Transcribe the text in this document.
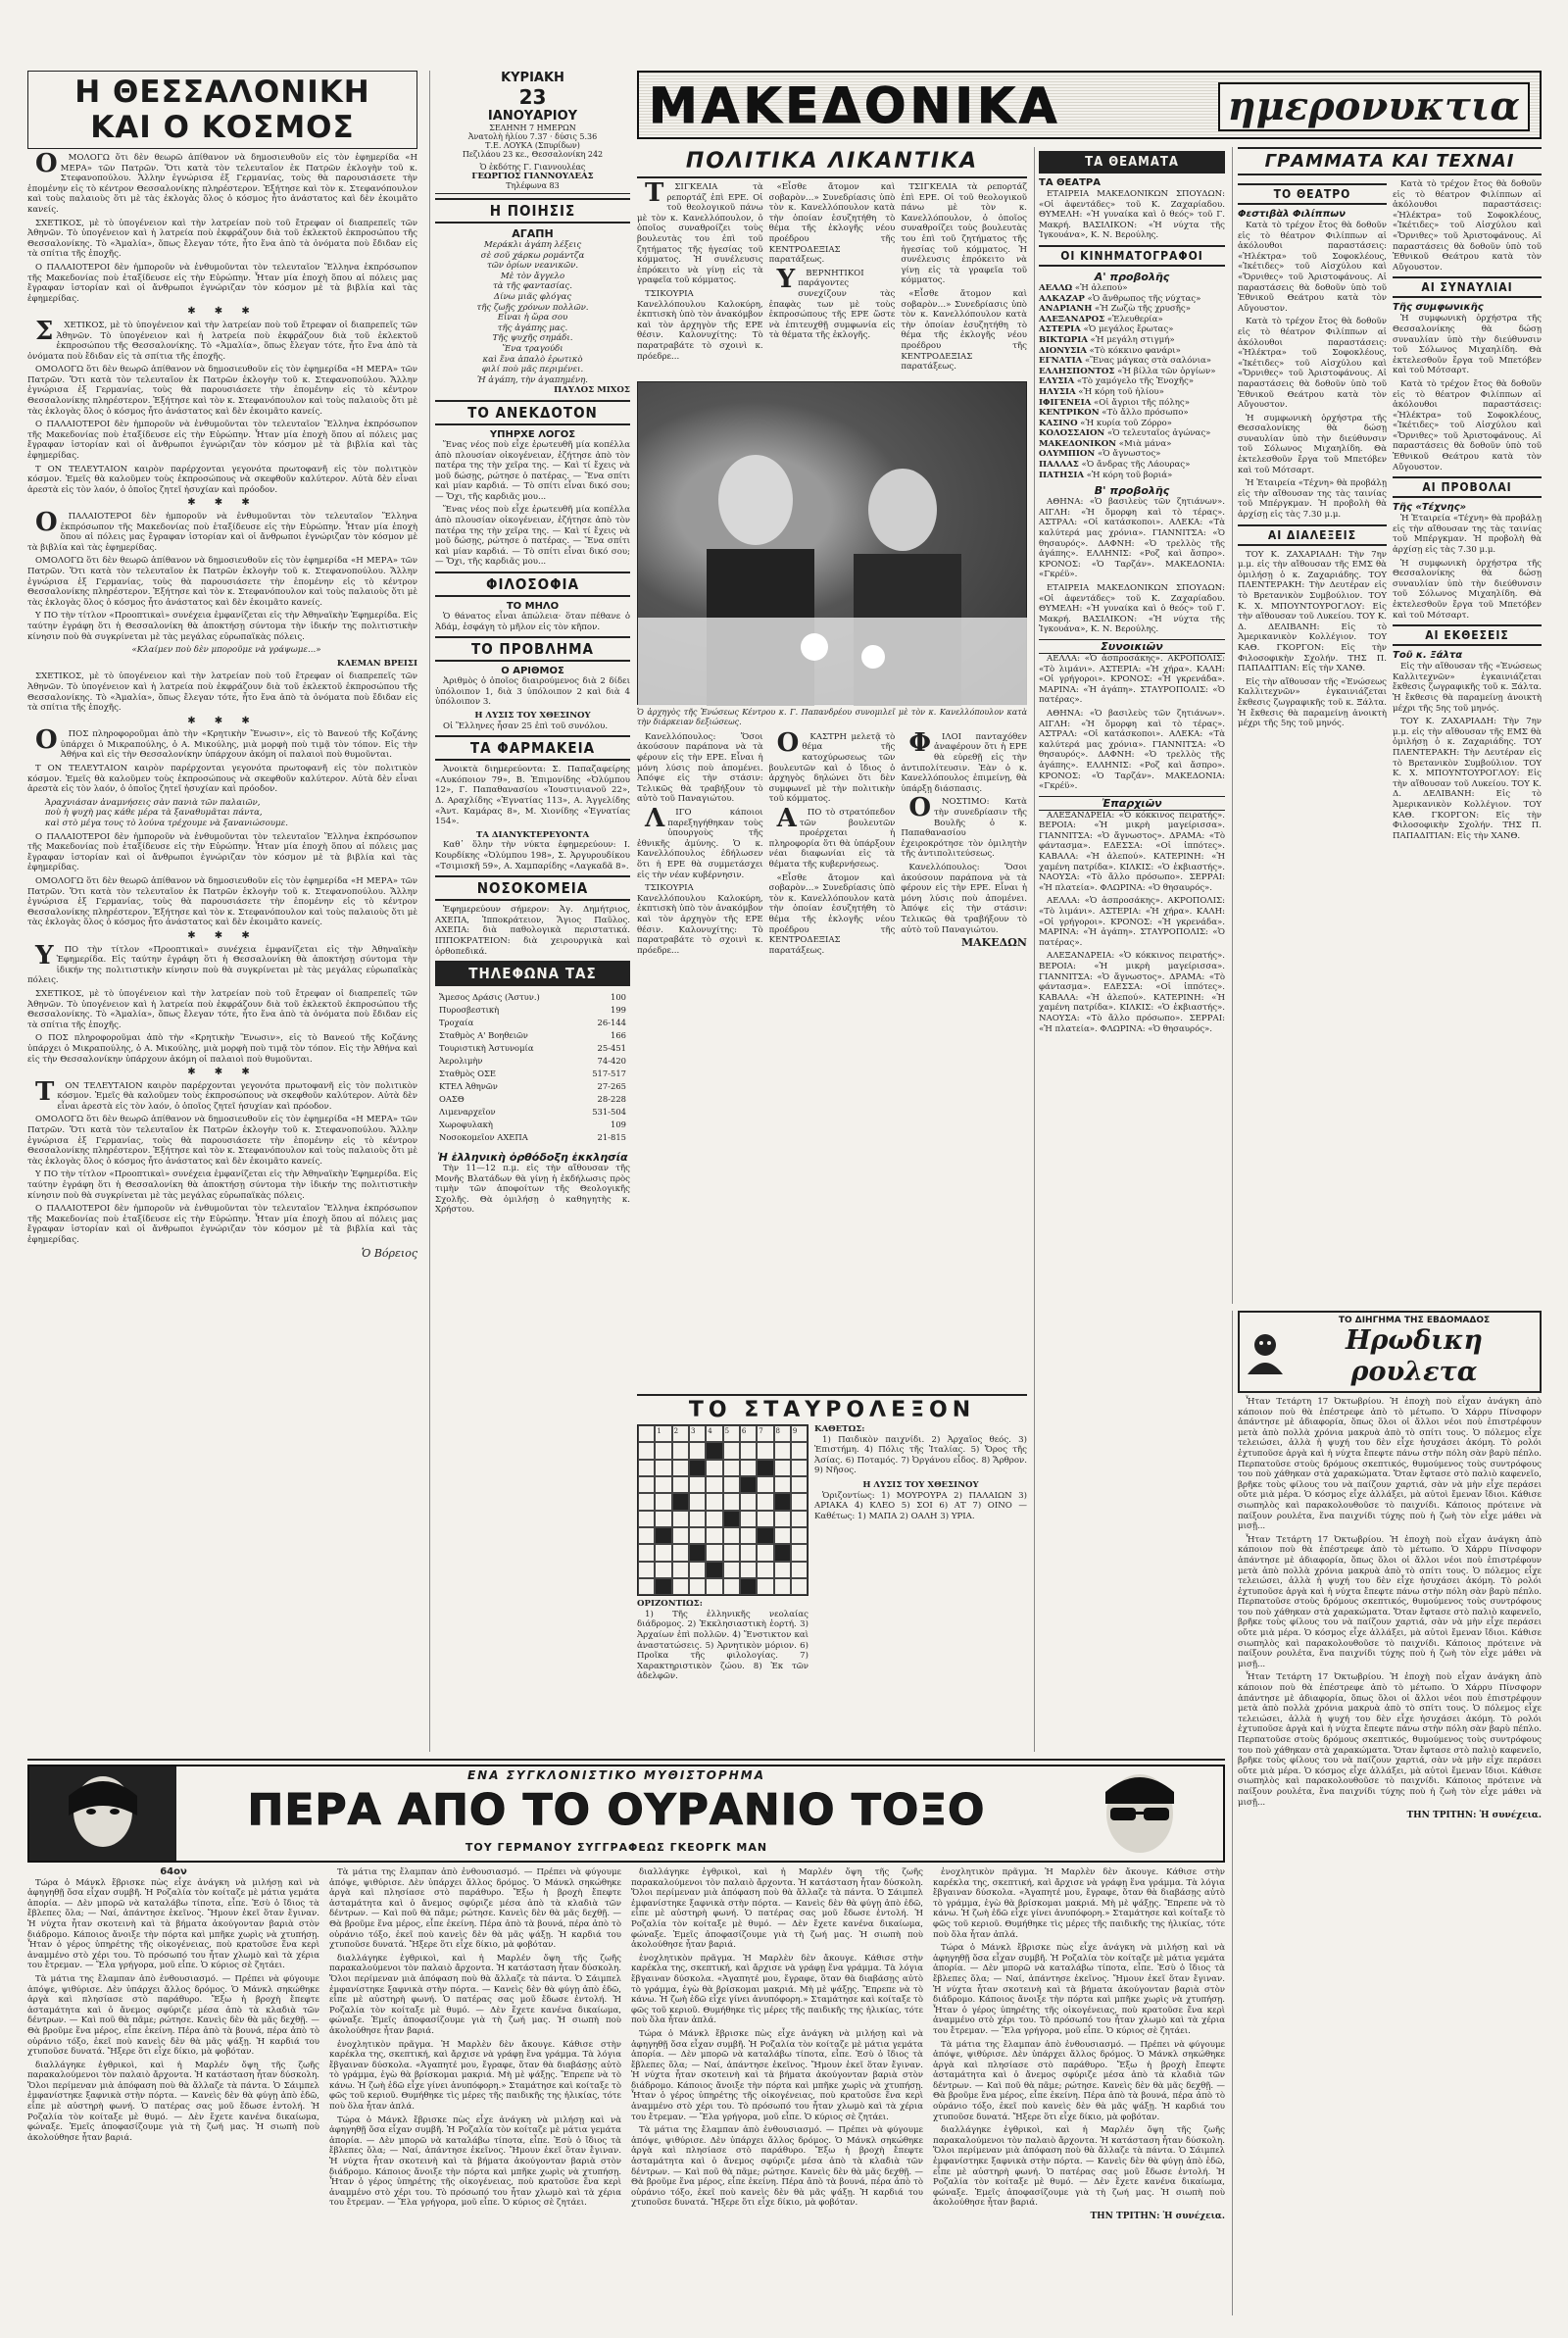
Η ΘΕΣΣΑΛΟΝΙΚΗ
ΚΑΙ Ο ΚΟΣΜΟΣ

ΟΜΟΛΟΓΩ ὅτι δὲν θεωρῶ ἀπίθανον νὰ δημοσιευθοῦν εἰς τὸν ἐφημερίδα «Η ΜΕΡΑ» τῶν Πατρῶν. Ὅτι κατὰ τὸν τελευταῖον ἐκ Πατρῶν ἐκλογὴν τοῦ κ. Στεφανοπούλου. Ἄλλην ἐγνώρισα ἐξ Γερμανίας, τοὺς θὰ παρουσιάσετε τὴν ἑπομένην εἰς τὸ κέντρον Θεσσαλονίκης πληρέστερον. Ἐξήτησε καὶ τὸν κ. Στεφανόπουλον καὶ τοὺς παλαιοὺς ὅτι μὲ τὰς ἐκλογὰς ὅλος ὁ κόσμος ἦτο ἀνάστατος καὶ δὲν ἐκοιμᾶτο κανείς.

ΣΧΕΤΙΚΟΣ, μὲ τὸ ὑπογένειον καὶ τὴν λατρείαν ποὺ τοῦ ἔτρεφαν οἱ διαπρεπεῖς τῶν Ἀθηνῶν. Τὸ ὑπογένειον καὶ ἡ λατρεία ποὺ ἐκφράζουν διὰ τοῦ ἐκλεκτοῦ ἐκπροσώπου τῆς Θεσσαλονίκης. Τὸ «Ἁμαλία», ὅπως ἔλεγαν τότε, ἦτο ἕνα ἀπὸ τὰ ὀνόματα ποὺ ἔδιδαν εἰς τὰ σπίτια τῆς ἐποχῆς.

Ο ΠΑΛΑΙΟΤΕΡΟΙ δὲν ἠμποροῦν νὰ ἐνθυμοῦνται τὸν τελευταῖον Ἕλληνα ἐκπρόσωπον τῆς Μακεδονίας ποὺ ἐταξίδευσε εἰς τὴν Εὐρώπην. Ἦταν μία ἐποχὴ ὅπου αἱ πόλεις μας ἔγραφαν ἱστορίαν καὶ οἱ ἄνθρωποι ἐγνώριζαν τὸν κόσμον μὲ τὰ βιβλία καὶ τὰς ἐφημερίδας.

✱ ✱ ✱

ΣΧΕΤΙΚΟΣ, μὲ τὸ ὑπογένειον καὶ τὴν λατρείαν ποὺ τοῦ ἔτρεφαν οἱ διαπρεπεῖς τῶν Ἀθηνῶν. Τὸ ὑπογένειον καὶ ἡ λατρεία ποὺ ἐκφράζουν διὰ τοῦ ἐκλεκτοῦ ἐκπροσώπου τῆς Θεσσαλονίκης. Τὸ «Ἁμαλία», ὅπως ἔλεγαν τότε, ἦτο ἕνα ἀπὸ τὰ ὀνόματα ποὺ ἔδιδαν εἰς τὰ σπίτια τῆς ἐποχῆς.

ΟΜΟΛΟΓΩ ὅτι δὲν θεωρῶ ἀπίθανον νὰ δημοσιευθοῦν εἰς τὸν ἐφημερίδα «Η ΜΕΡΑ» τῶν Πατρῶν. Ὅτι κατὰ τὸν τελευταῖον ἐκ Πατρῶν ἐκλογὴν τοῦ κ. Στεφανοπούλου. Ἄλλην ἐγνώρισα ἐξ Γερμανίας, τοὺς θὰ παρουσιάσετε τὴν ἑπομένην εἰς τὸ κέντρον Θεσσαλονίκης πληρέστερον. Ἐξήτησε καὶ τὸν κ. Στεφανόπουλον καὶ τοὺς παλαιοὺς ὅτι μὲ τὰς ἐκλογὰς ὅλος ὁ κόσμος ἦτο ἀνάστατος καὶ δὲν ἐκοιμᾶτο κανείς.

Ο ΠΑΛΑΙΟΤΕΡΟΙ δὲν ἠμποροῦν νὰ ἐνθυμοῦνται τὸν τελευταῖον Ἕλληνα ἐκπρόσωπον τῆς Μακεδονίας ποὺ ἐταξίδευσε εἰς τὴν Εὐρώπην. Ἦταν μία ἐποχὴ ὅπου αἱ πόλεις μας ἔγραφαν ἱστορίαν καὶ οἱ ἄνθρωποι ἐγνώριζαν τὸν κόσμον μὲ τὰ βιβλία καὶ τὰς ἐφημερίδας.

Τ ΟΝ ΤΕΛΕΥΤΑΙΟΝ καιρὸν παρέρχονται γεγονότα πρωτοφανῆ εἰς τὸν πολιτικὸν κόσμον. Ἐμεῖς θὰ καλοῦμεν τοὺς ἐκπροσώπους νὰ σκεφθοῦν καλύτερον. Αὐτὰ δὲν εἶναι ἀρεστὰ εἰς τὸν λαόν, ὁ ὁποῖος ζητεῖ ἡσυχίαν καὶ πρόοδον.

✱ ✱ ✱

ΟΠΑΛΑΙΟΤΕΡΟΙ δὲν ἠμποροῦν νὰ ἐνθυμοῦνται τὸν τελευταῖον Ἕλληνα ἐκπρόσωπον τῆς Μακεδονίας ποὺ ἐταξίδευσε εἰς τὴν Εὐρώπην. Ἦταν μία ἐποχὴ ὅπου αἱ πόλεις μας ἔγραφαν ἱστορίαν καὶ οἱ ἄνθρωποι ἐγνώριζαν τὸν κόσμον μὲ τὰ βιβλία καὶ τὰς ἐφημερίδας.

ΟΜΟΛΟΓΩ ὅτι δὲν θεωρῶ ἀπίθανον νὰ δημοσιευθοῦν εἰς τὸν ἐφημερίδα «Η ΜΕΡΑ» τῶν Πατρῶν. Ὅτι κατὰ τὸν τελευταῖον ἐκ Πατρῶν ἐκλογὴν τοῦ κ. Στεφανοπούλου. Ἄλλην ἐγνώρισα ἐξ Γερμανίας, τοὺς θὰ παρουσιάσετε τὴν ἑπομένην εἰς τὸ κέντρον Θεσσαλονίκης πληρέστερον. Ἐξήτησε καὶ τὸν κ. Στεφανόπουλον καὶ τοὺς παλαιοὺς ὅτι μὲ τὰς ἐκλογὰς ὅλος ὁ κόσμος ἦτο ἀνάστατος καὶ δὲν ἐκοιμᾶτο κανείς.

Υ ΠΟ τὴν τίτλον «Προοπτικαὶ» συνέχεια ἐμφανίζεται εἰς τὴν Ἀθηναϊκὴν Ἐφημερίδα. Εἰς ταύτην ἐγράφη ὅτι ἡ Θεσσαλονίκη θὰ ἀποκτήσῃ σύντομα τὴν ἰδικήν της πολιτιστικὴν κίνησιν ποὺ θὰ συγκρίνεται μὲ τὰς μεγάλας εὐρωπαϊκὰς πόλεις.

«Κλαίμεν ποὺ δὲν μποροῦμε νὰ γράψωμε...»

ΚΛΕΜΑΝ ΒΡΕΙΣΙ

ΣΧΕΤΙΚΟΣ, μὲ τὸ ὑπογένειον καὶ τὴν λατρείαν ποὺ τοῦ ἔτρεφαν οἱ διαπρεπεῖς τῶν Ἀθηνῶν. Τὸ ὑπογένειον καὶ ἡ λατρεία ποὺ ἐκφράζουν διὰ τοῦ ἐκλεκτοῦ ἐκπροσώπου τῆς Θεσσαλονίκης. Τὸ «Ἁμαλία», ὅπως ἔλεγαν τότε, ἦτο ἕνα ἀπὸ τὰ ὀνόματα ποὺ ἔδιδαν εἰς τὰ σπίτια τῆς ἐποχῆς.

✱ ✱ ✱

ΟΠΟΣ πληροφοροῦμαι ἀπὸ τὴν «Κρητικὴν Ἕνωσιν», εἰς τὸ Βανεού τῆς Κοζάνης ὑπάρχει ὁ Μικραπούλης, ὁ Α. Μικούλης, μιὰ μορφὴ ποὺ τιμᾷ τὸν τόπον. Εἰς τὴν Ἀθήνα καὶ εἰς τὴν Θεσσαλονίκην ὑπάρχουν ἀκόμη οἱ παλαιοὶ ποὺ θυμοῦνται.

Τ ΟΝ ΤΕΛΕΥΤΑΙΟΝ καιρὸν παρέρχονται γεγονότα πρωτοφανῆ εἰς τὸν πολιτικὸν κόσμον. Ἐμεῖς θὰ καλοῦμεν τοὺς ἐκπροσώπους νὰ σκεφθοῦν καλύτερον. Αὐτὰ δὲν εἶναι ἀρεστὰ εἰς τὸν λαόν, ὁ ὁποῖος ζητεῖ ἡσυχίαν καὶ πρόοδον.

Ἀραχνιάσαν ἀναμνήσεις σὰν πανιὰ τῶν παλαιῶν,
ποὺ ἡ ψυχὴ μας κάθε μέρα τὰ ξαναθυμᾶται πάντα,
καὶ στὸ μέγα τους τὸ λούνα τρέχουμε νὰ ξανανιώσουμε.

Ο ΠΑΛΑΙΟΤΕΡΟΙ δὲν ἠμποροῦν νὰ ἐνθυμοῦνται τὸν τελευταῖον Ἕλληνα ἐκπρόσωπον τῆς Μακεδονίας ποὺ ἐταξίδευσε εἰς τὴν Εὐρώπην. Ἦταν μία ἐποχὴ ὅπου αἱ πόλεις μας ἔγραφαν ἱστορίαν καὶ οἱ ἄνθρωποι ἐγνώριζαν τὸν κόσμον μὲ τὰ βιβλία καὶ τὰς ἐφημερίδας.

ΟΜΟΛΟΓΩ ὅτι δὲν θεωρῶ ἀπίθανον νὰ δημοσιευθοῦν εἰς τὸν ἐφημερίδα «Η ΜΕΡΑ» τῶν Πατρῶν. Ὅτι κατὰ τὸν τελευταῖον ἐκ Πατρῶν ἐκλογὴν τοῦ κ. Στεφανοπούλου. Ἄλλην ἐγνώρισα ἐξ Γερμανίας, τοὺς θὰ παρουσιάσετε τὴν ἑπομένην εἰς τὸ κέντρον Θεσσαλονίκης πληρέστερον. Ἐξήτησε καὶ τὸν κ. Στεφανόπουλον καὶ τοὺς παλαιοὺς ὅτι μὲ τὰς ἐκλογὰς ὅλος ὁ κόσμος ἦτο ἀνάστατος καὶ δὲν ἐκοιμᾶτο κανείς.

✱ ✱ ✱

ΥΠΟ τὴν τίτλον «Προοπτικαὶ» συνέχεια ἐμφανίζεται εἰς τὴν Ἀθηναϊκὴν Ἐφημερίδα. Εἰς ταύτην ἐγράφη ὅτι ἡ Θεσσαλονίκη θὰ ἀποκτήσῃ σύντομα τὴν ἰδικήν της πολιτιστικὴν κίνησιν ποὺ θὰ συγκρίνεται μὲ τὰς μεγάλας εὐρωπαϊκὰς πόλεις.

ΣΧΕΤΙΚΟΣ, μὲ τὸ ὑπογένειον καὶ τὴν λατρείαν ποὺ τοῦ ἔτρεφαν οἱ διαπρεπεῖς τῶν Ἀθηνῶν. Τὸ ὑπογένειον καὶ ἡ λατρεία ποὺ ἐκφράζουν διὰ τοῦ ἐκλεκτοῦ ἐκπροσώπου τῆς Θεσσαλονίκης. Τὸ «Ἁμαλία», ὅπως ἔλεγαν τότε, ἦτο ἕνα ἀπὸ τὰ ὀνόματα ποὺ ἔδιδαν εἰς τὰ σπίτια τῆς ἐποχῆς.

Ο ΠΟΣ πληροφοροῦμαι ἀπὸ τὴν «Κρητικὴν Ἕνωσιν», εἰς τὸ Βανεού τῆς Κοζάνης ὑπάρχει ὁ Μικραπούλης, ὁ Α. Μικούλης, μιὰ μορφὴ ποὺ τιμᾷ τὸν τόπον. Εἰς τὴν Ἀθήνα καὶ εἰς τὴν Θεσσαλονίκην ὑπάρχουν ἀκόμη οἱ παλαιοὶ ποὺ θυμοῦνται.

✱ ✱ ✱

ΤΟΝ ΤΕΛΕΥΤΑΙΟΝ καιρὸν παρέρχονται γεγονότα πρωτοφανῆ εἰς τὸν πολιτικὸν κόσμον. Ἐμεῖς θὰ καλοῦμεν τοὺς ἐκπροσώπους νὰ σκεφθοῦν καλύτερον. Αὐτὰ δὲν εἶναι ἀρεστὰ εἰς τὸν λαόν, ὁ ὁποῖος ζητεῖ ἡσυχίαν καὶ πρόοδον.

ΟΜΟΛΟΓΩ ὅτι δὲν θεωρῶ ἀπίθανον νὰ δημοσιευθοῦν εἰς τὸν ἐφημερίδα «Η ΜΕΡΑ» τῶν Πατρῶν. Ὅτι κατὰ τὸν τελευταῖον ἐκ Πατρῶν ἐκλογὴν τοῦ κ. Στεφανοπούλου. Ἄλλην ἐγνώρισα ἐξ Γερμανίας, τοὺς θὰ παρουσιάσετε τὴν ἑπομένην εἰς τὸ κέντρον Θεσσαλονίκης πληρέστερον. Ἐξήτησε καὶ τὸν κ. Στεφανόπουλον καὶ τοὺς παλαιοὺς ὅτι μὲ τὰς ἐκλογὰς ὅλος ὁ κόσμος ἦτο ἀνάστατος καὶ δὲν ἐκοιμᾶτο κανείς.

Υ ΠΟ τὴν τίτλον «Προοπτικαὶ» συνέχεια ἐμφανίζεται εἰς τὴν Ἀθηναϊκὴν Ἐφημερίδα. Εἰς ταύτην ἐγράφη ὅτι ἡ Θεσσαλονίκη θὰ ἀποκτήσῃ σύντομα τὴν ἰδικήν της πολιτιστικὴν κίνησιν ποὺ θὰ συγκρίνεται μὲ τὰς μεγάλας εὐρωπαϊκὰς πόλεις.

Ο ΠΑΛΑΙΟΤΕΡΟΙ δὲν ἠμποροῦν νὰ ἐνθυμοῦνται τὸν τελευταῖον Ἕλληνα ἐκπρόσωπον τῆς Μακεδονίας ποὺ ἐταξίδευσε εἰς τὴν Εὐρώπην. Ἦταν μία ἐποχὴ ὅπου αἱ πόλεις μας ἔγραφαν ἱστορίαν καὶ οἱ ἄνθρωποι ἐγνώριζαν τὸν κόσμον μὲ τὰ βιβλία καὶ τὰς ἐφημερίδας.

Ὁ Βόρειος
ΚΥΡΙΑΚΗ
23
ΙΑΝΟΥΑΡΙΟΥ
ΣΕΛΗΝΗ 7 ΗΜΕΡΩΝ
Ἀνατολὴ ἡλίου 7.37 · δύσις 5.36
Τ.Ε. ΛΟΥΚΑ (Σπυρίδων)
Πεζιλάου 23 κε., Θεσσαλονίκη 242
Ὁ ἐκδότης Γ. Γιαννουλέας
ΓΕΩΡΓΙΟΣ ΓΙΑΝΝΟΥΛΕΑΣ
Τηλέφωνα 83
Η ΠΟΙΗΣΙΣ
ΑΓΑΠΗ
Μεράκλι ἀγάπη λέξεις
σὲ σοῦ χάρκω ρομάντζα
τῶν ὀρίων νεανικῶν.
Μὲ τὸν ἄγγελο
τὰ τῆς φαντασίας.
Δίνω μιᾶς φλόγας
τῆς ζωῆς χρόνων πολλῶν.
Εἶναι ἡ ὥρα σου
τῆς ἀγάπης μας.
Τῆς ψυχῆς σημάδι.
Ἕνα τραγούδι
καὶ ἕνα ἁπαλὸ ἐρωτικὸ
φιλί ποὺ μᾶς περιμένει.
Ἡ ἀγάπη, τὴν ἀγαπημένη.
ΠΑΥΛΟΣ ΜΙΧΟΣ
ΤΟ ΑΝΕΚΔΟΤΟΝ
ΥΠΗΡΧΕ ΛΟΓΟΣ

Ἕνας νέος ποὺ εἶχε ἐρωτευθῆ μία κοπέλλα ἀπὸ πλουσίαν οἰκογένειαν, ἐζήτησε ἀπὸ τὸν πατέρα της τὴν χεῖρα της. — Καὶ τί ἔχεις νὰ μοῦ δώσῃς, ρώτησε ὁ πατέρας. — Ἕνα σπίτι καὶ μίαν καρδιά. — Τὸ σπίτι εἶναι δικό σου; — Ὄχι, τῆς καρδιᾶς μου...

Ἕνας νέος ποὺ εἶχε ἐρωτευθῆ μία κοπέλλα ἀπὸ πλουσίαν οἰκογένειαν, ἐζήτησε ἀπὸ τὸν πατέρα της τὴν χεῖρα της. — Καὶ τί ἔχεις νὰ μοῦ δώσῃς, ρώτησε ὁ πατέρας. — Ἕνα σπίτι καὶ μίαν καρδιά. — Τὸ σπίτι εἶναι δικό σου; — Ὄχι, τῆς καρδιᾶς μου...

ΦΙΛΟΣΟΦΙΑ
ΤΟ ΜΗΛΟ

Ὁ θάνατος εἶναι ἀπώλεια· ὅταν πέθανε ὁ Ἀδάμ, ἐσφάγη τὸ μῆλον εἰς τὸν κῆπον.

ΤΟ ΠΡΟΒΛΗΜΑ
Ο ΑΡΙΘΜΟΣ

Ἀριθμὸς ὁ ὁποῖος διαιρούμενος διὰ 2 δίδει ὑπόλοιπον 1, διὰ 3 ὑπόλοιπον 2 καὶ διὰ 4 ὑπόλοιπον 3.

Η ΛΥΣΙΣ ΤΟΥ ΧΘΕΣΙΝΟΥ

Οἱ Ἕλληνες ἦσαν 25 ἐπὶ τοῦ συνόλου.

ΤΑ ΦΑΡΜΑΚΕΙΑ

Ἀνοικτὰ διημερεύοντα: Σ. Παπαζαφείρης «Λυκόποιον 79», Β. Ἐπιμονίδης «Ὀλύμπου 12», Γ. Παπαθανασίου «Ἰουστινιανοῦ 22», Δ. Αραχλίδης «Ἐγνατίας 113», Α. Ἀγγελίδης «Ἀντ. Καμάρας 8», Μ. Χιονίδης «Ἐγνατίας 154».

ΤΑ ΔΙΑΝΥΚΤΕΡΕΥΟΝΤΑ

Καθ᾽ ὅλην τὴν νύκτα ἐφημερεύουν: Ι. Κουρδίκης «Ὀλύμπου 198», Σ. Ἀργυρουδίκου «Τσιμισκῆ 59», Α. Χαμπαρίδης «Λαγκαδᾶ 8».

ΝΟΣΟΚΟΜΕΙΑ

Ἐφημερεύουν σήμερον: Ἀγ. Δημήτριος, ΑΧΕΠΑ, Ἱπποκράτειον, Ἅγιος Παῦλος. ΑΧΕΠΑ: διὰ παθολογικὰ περιστατικά. ΙΠΠΟΚΡΑΤΕΙΟΝ: διὰ χειρουργικὰ καὶ ὀρθοπεδικά.

ΤΗΛΕΦΩΝΑ ΤΑΣ
Ἄμεσος Δράσις (Ἀστυν.)	100
Πυροσβεστικὴ	199
Τροχαία	26-144
Σταθμὸς Α' Βοηθειῶν	166
Τουριστικὴ Ἀστυνομία	25-451
Ἀερολιμὴν	74-420
Σταθμὸς ΟΣΕ	517-517
ΚΤΕΛ Ἀθηνῶν	27-265
ΟΑΣΘ	28-228
Λιμεναρχεῖον	531-504
Χωροφυλακὴ	109
Νοσοκομεῖον ΑΧΕΠΑ	21-815
Ἡ ἑλληνικὴ ὀρθόδοξη ἐκκλησία

Τὴν 11—12 π.μ. εἰς τὴν αἴθουσαν τῆς Μονῆς Βλατάδων θὰ γίνῃ ἡ ἐκδήλωσις πρὸς τιμὴν τῶν ἀποφοίτων τῆς Θεολογικῆς Σχολῆς. Θὰ ὁμιλήσῃ ὁ καθηγητὴς κ. Χρήστου.

ΜΑΚΕΔΟΝΙΚΑ	ημερονυκτια
ΠΟΛΙΤΙΚΑ ΛΙΚΑΝΤΙΚΑ

ΤΣΙΓΚΕΛΙΑ τὰ ρεπορτάζ ἐπὶ ΕΡΕ. Οἱ τοῦ θεολογικοῦ πάνω μὲ τὸν κ. Κανελλόπουλον, ὁ ὁποῖος συναθροίζει τοὺς βουλευτὰς του ἐπὶ τοῦ ζητήματος τῆς ἡγεσίας τοῦ κόμματος. Ἡ συνέλευσις ἐπρόκειτο νὰ γίνῃ εἰς τὰ γραφεῖα τοῦ κόμματος.

ΤΣΙΚΟΥΡΙΑ Κανελλόπουλου Καλοκύρη, ἐκπτισκὴ ὑπὸ τὸν ἀνακόμβον καὶ τὸν ἀρχηγὸν τῆς ΕΡΕ θέσιν. Καλονυχίτης: Τὸ παρατραβάτε τὸ σχοινὶ κ. πρόεδρε...

«Εἶσθε ἄτομον καὶ σοβαρὸν…» Συνεδρίασις ὑπὸ τὸν κ. Κανελλόπουλον κατὰ τὴν ὁποίαν ἐσυζητήθη τὸ θέμα τῆς ἐκλογῆς νέου προέδρου τῆς ΚΕΝΤΡΟΔΕΞΙΑΣ παρατάξεως.

ΥΒΕΡΝΗΤΙΚΟΙ παράγοντες συνεχίζουν τὰς ἐπαφὰς των μὲ τοὺς ἐκπροσώπους τῆς ΕΡΕ ὥστε νὰ ἐπιτευχθῇ συμφωνία εἰς τὰ θέματα τῆς ἐκλογῆς.

ΤΣΙΓΚΕΛΙΑ τὰ ρεπορτάζ ἐπὶ ΕΡΕ. Οἱ τοῦ θεολογικοῦ πάνω μὲ τὸν κ. Κανελλόπουλον, ὁ ὁποῖος συναθροίζει τοὺς βουλευτὰς του ἐπὶ τοῦ ζητήματος τῆς ἡγεσίας τοῦ κόμματος. Ἡ συνέλευσις ἐπρόκειτο νὰ γίνῃ εἰς τὰ γραφεῖα τοῦ κόμματος.

«Εἶσθε ἄτομον καὶ σοβαρὸν…» Συνεδρίασις ὑπὸ τὸν κ. Κανελλόπουλον κατὰ τὴν ὁποίαν ἐσυζητήθη τὸ θέμα τῆς ἐκλογῆς νέου προέδρου τῆς ΚΕΝΤΡΟΔΕΞΙΑΣ παρατάξεως.

Ὁ ἀρχηγὸς τῆς Ἑνώσεως Κέντρου κ. Γ. Παπανδρέου συνομιλεῖ μὲ τὸν κ. Κανελλόπουλον κατὰ τὴν διάρκειαν δεξιώσεως.

Κανελλόπουλος: Ὅσοι ἀκούσουν παράπονα νὰ τὰ φέρουν εἰς τὴν ΕΡΕ. Εἶναι ἡ μόνη λύσις ποὺ ἀπομένει. Ἀπόψε εἰς τὴν στάσιν: Τελικῶς θὰ τραβήξουν τὸ αὐτὸ τοῦ Παναγιώτου.

ΛΙΓΟ κάποιοι παρεξηγήθηκαν τοὺς ὑπουργοὺς τῆς ἐθνικῆς ἀμύνης. Ὁ κ. Κανελλόπουλος ἐδήλωσεν ὅτι ἡ ΕΡΕ θὰ συμμετάσχει εἰς τὴν νέαν κυβέρνησιν.

ΤΣΙΚΟΥΡΙΑ Κανελλόπουλου Καλοκύρη, ἐκπτισκὴ ὑπὸ τὸν ἀνακόμβον καὶ τὸν ἀρχηγὸν τῆς ΕΡΕ θέσιν. Καλονυχίτης: Τὸ παρατραβάτε τὸ σχοινὶ κ. πρόεδρε...

ΟΚΑΣΤΡΗ μελετᾷ τὸ θέμα τῆς κατοχύρωσεως τῶν βουλευτῶν καὶ ὁ ἴδιος ὁ ἀρχηγὸς δηλώνει ὅτι δὲν συμφωνεῖ μὲ τὴν πολιτικὴν τοῦ κόμματος.

ΑΠΟ τὸ στρατόπεδον τῶν βουλευτῶν προέρχεται ἡ πληροφορία ὅτι θὰ ὑπάρξουν νέαι διαφωνίαι εἰς τὰ θέματα τῆς κυβερνήσεως.

«Εἶσθε ἄτομον καὶ σοβαρὸν…» Συνεδρίασις ὑπὸ τὸν κ. Κανελλόπουλον κατὰ τὴν ὁποίαν ἐσυζητήθη τὸ θέμα τῆς ἐκλογῆς νέου προέδρου τῆς ΚΕΝΤΡΟΔΕΞΙΑΣ παρατάξεως.

ΦΙΛΟΙ πανταχόθεν ἀναφέρουν ὅτι ἡ ΕΡΕ θὰ εὑρεθῇ εἰς τὴν ἀντιπολίτευσιν. Ἐὰν ὁ κ. Κανελλόπουλος ἐπιμείνῃ, θὰ ὑπάρξῃ διάσπασις.

ΟΝΟΣΤΙΜΟ: Κατὰ τὴν συνεδρίασιν τῆς Βουλῆς ὁ κ. Παπαθανασίου ἐχειροκρότησε τὸν ὁμιλητὴν τῆς ἀντιπολιτεύσεως.

Κανελλόπουλος: Ὅσοι ἀκούσουν παράπονα νὰ τὰ φέρουν εἰς τὴν ΕΡΕ. Εἶναι ἡ μόνη λύσις ποὺ ἀπομένει. Ἀπόψε εἰς τὴν στάσιν: Τελικῶς θὰ τραβήξουν τὸ αὐτὸ τοῦ Παναγιώτου.

ΜΑΚΕΔΩΝ
ΤΟ ΣΤΑΥΡΟΛΕΞΟΝ
1	2	3	4	5	6	7	8	9
ΟΡΙΖΟΝΤΙΩΣ:

1) Τῆς ἑλληνικῆς νεολαίας διάδρομος. 2) Ἐκκλησιαστικὴ ἑορτή. 3) Ἀρχαίων ἐπὶ πολλῶν. 4) Ἔνστικτον καὶ ἀναστατώσεις. 5) Ἀρνητικὸν μόριον. 6) Προῖκα τῆς φιλολογίας. 7) Χαρακτηριστικὸν ζώου. 8) Ἐκ τῶν ἀδελφῶν.

ΚΑΘΕΤΩΣ:

1) Παιδικὸν παιχνίδι. 2) Ἀρχαῖος θεός. 3) Ἐπιστήμη. 4) Πόλις τῆς Ἰταλίας. 5) Ὄρος τῆς Ἀσίας. 6) Ποταμός. 7) Ὀργάνου εἶδος. 8) Ἄρθρον. 9) Νῆσος.

Η ΛΥΣΙΣ ΤΟΥ ΧΘΕΣΙΝΟΥ

Ὁριζοντίως: 1) ΜΟΥΡΟΥΡΑ 2) ΠΑΛΑΙΩΝ 3) ΑΡΙΑΚΑ 4) ΚΛΕΟ 5) ΣΟΙ 6) ΑΤ 7) ΟΙΝΟ — Καθέτως: 1) ΜΑΠΑ 2) ΟΑΛΗ 3) ΥΡΙΑ.

ΤΑ ΘΕΑΜΑΤΑ
ΤΑ ΘΕΑΤΡΑ

ΕΤΑΙΡΕΙΑ ΜΑΚΕΔΟΝΙΚΩΝ ΣΠΟΥΔΩΝ: «Οἱ ἀφεντάδες» τοῦ Κ. Ζαχαρίαδου. ΘΥΜΕΛΗ: «Ἡ γυναίκα καὶ ὁ θεός» τοῦ Γ. Μακρή. ΒΑΣΙΛΙΚΟΝ: «Ἡ νύχτα τῆς Ἰγκουάνα», Κ. Ν. Βερούλης.

ΟΙ ΚΙΝΗΜΑΤΟΓΡΑΦΟΙ
Α' προβολῆς
ΑΕΛΛΩ «Ἡ ἀλεπού»
ΑΛΚΑΖΑΡ «Ὁ ἄνθρωπος τῆς νύχτας»
ΑΝΔΡΙΑΝΗ «Ἡ Ζωζὼ τῆς χρυσῆς»
ΑΛΕΞΑΝΔΡΟΣ «Ἐλευθερία»
ΑΣΤΕΡΙΑ «Ὁ μεγάλος ἔρωτας»
ΒΙΚΤΩΡΙΑ «Ἡ μεγάλη στιγμή»
ΔΙΟΝΥΣΙΑ «Τὸ κόκκινο φανάρι»
ΕΓΝΑΤΙΑ «Ἕνας μάγκας στὰ σαλόνια»
ΕΛΛΗΣΠΟΝΤΟΣ «Ἡ βίλλα τῶν ὀργίων»
ΕΛΥΣΙΑ «Τὸ χαμόγελο τῆς Ἐνοχῆς»
ΗΛΥΣΙΑ «Ἡ κόρη τοῦ ἡλίου»
ΙΦΙΓΕΝΕΙΑ «Οἱ ἄγριοι τῆς πόλης»
ΚΕΝΤΡΙΚΟΝ «Τὸ ἄλλο πρόσωπο»
ΚΑΣΙΝΟ «Ἡ κυρία τοῦ Ζόρρο»
ΚΟΛΟΣΣΑΙΟΝ «Ὁ τελευταῖος ἀγώνας»
ΜΑΚΕΔΟΝΙΚΟΝ «Μιὰ μάνα»
ΟΛΥΜΠΙΟΝ «Ὁ ἄγνωστος»
ΠΑΛΛΑΣ «Ὁ ἄνδρας τῆς Λάουρας»
ΠΑΤΗΣΙΑ «Ἡ κόρη τοῦ βοριά»
Β' προβολῆς

ΑΘΗΝΑ: «Ὁ βασιλεὺς τῶν ζητιάνων». ΑΙΓΛΗ: «Ἡ ὄμορφη καὶ τὸ τέρας». ΑΣΤΡΑΛ: «Οἱ κατάσκοποι». ΑΛΕΚΑ: «Τὰ καλύτερά μας χρόνια». ΓΙΑΝΝΙΤΣΑ: «Ὁ θησαυρός». ΔΑΦΝΗ: «Ὁ τρελλὸς τῆς ἀγάπης». ΕΛΛΗΝΙΣ: «Ροζ καὶ ἄσπρο». ΚΡΟΝΟΣ: «Ὁ Ταρζάν». ΜΑΚΕΔΟΝΙΑ: «Γκρέϋ».

ΕΤΑΙΡΕΙΑ ΜΑΚΕΔΟΝΙΚΩΝ ΣΠΟΥΔΩΝ: «Οἱ ἀφεντάδες» τοῦ Κ. Ζαχαρίαδου. ΘΥΜΕΛΗ: «Ἡ γυναίκα καὶ ὁ θεός» τοῦ Γ. Μακρή. ΒΑΣΙΛΙΚΟΝ: «Ἡ νύχτα τῆς Ἰγκουάνα», Κ. Ν. Βερούλης.

Συνοικιῶν

ΑΕΛΛΑ: «Ὁ ἀσπροσάκης». ΑΚΡΟΠΟΛΙΣ: «Τὸ λιμάνι». ΑΣΤΕΡΙΑ: «Ἡ χήρα». ΚΑΛΗ: «Οἱ γρήγοροι». ΚΡΟΝΟΣ: «Ἡ γκρενάδα». ΜΑΡΙΝΑ: «Ἡ ἀγάπη». ΣΤΑΥΡΟΠΟΛΙΣ: «Ὁ πατέρας».

ΑΘΗΝΑ: «Ὁ βασιλεὺς τῶν ζητιάνων». ΑΙΓΛΗ: «Ἡ ὄμορφη καὶ τὸ τέρας». ΑΣΤΡΑΛ: «Οἱ κατάσκοποι». ΑΛΕΚΑ: «Τὰ καλύτερά μας χρόνια». ΓΙΑΝΝΙΤΣΑ: «Ὁ θησαυρός». ΔΑΦΝΗ: «Ὁ τρελλὸς τῆς ἀγάπης». ΕΛΛΗΝΙΣ: «Ροζ καὶ ἄσπρο». ΚΡΟΝΟΣ: «Ὁ Ταρζάν». ΜΑΚΕΔΟΝΙΑ: «Γκρέϋ».

Ἐπαρχιῶν

ΑΛΕΞΑΝΔΡΕΙΑ: «Ὁ κόκκινος πειρατής». ΒΕΡΟΙΑ: «Ἡ μικρὴ μαγείρισσα». ΓΙΑΝΝΙΤΣΑ: «Ὁ ἄγνωστος». ΔΡΑΜΑ: «Τὸ φάντασμα». ΕΔΕΣΣΑ: «Οἱ ἱππότες». ΚΑΒΑΛΑ: «Ἡ ἀλεπού». ΚΑΤΕΡΙΝΗ: «Ἡ χαμένη πατρίδα». ΚΙΛΚΙΣ: «Ὁ ἐκβιαστής». ΝΑΟΥΣΑ: «Τὸ ἄλλο πρόσωπο». ΣΕΡΡΑΙ: «Ἡ πλατεία». ΦΛΩΡΙΝΑ: «Ὁ θησαυρός».

ΑΕΛΛΑ: «Ὁ ἀσπροσάκης». ΑΚΡΟΠΟΛΙΣ: «Τὸ λιμάνι». ΑΣΤΕΡΙΑ: «Ἡ χήρα». ΚΑΛΗ: «Οἱ γρήγοροι». ΚΡΟΝΟΣ: «Ἡ γκρενάδα». ΜΑΡΙΝΑ: «Ἡ ἀγάπη». ΣΤΑΥΡΟΠΟΛΙΣ: «Ὁ πατέρας».

ΑΛΕΞΑΝΔΡΕΙΑ: «Ὁ κόκκινος πειρατής». ΒΕΡΟΙΑ: «Ἡ μικρὴ μαγείρισσα». ΓΙΑΝΝΙΤΣΑ: «Ὁ ἄγνωστος». ΔΡΑΜΑ: «Τὸ φάντασμα». ΕΔΕΣΣΑ: «Οἱ ἱππότες». ΚΑΒΑΛΑ: «Ἡ ἀλεπού». ΚΑΤΕΡΙΝΗ: «Ἡ χαμένη πατρίδα». ΚΙΛΚΙΣ: «Ὁ ἐκβιαστής». ΝΑΟΥΣΑ: «Τὸ ἄλλο πρόσωπο». ΣΕΡΡΑΙ: «Ἡ πλατεία». ΦΛΩΡΙΝΑ: «Ὁ θησαυρός».

ΓΡΑΜΜΑΤΑ ΚΑΙ ΤΕΧΝΑΙ
ΤΟ ΘΕΑΤΡΟ
Φεστιβὰλ Φιλίππων

Κατὰ τὸ τρέχον ἔτος θὰ δοθοῦν εἰς τὸ θέατρον Φιλίππων αἱ ἀκόλουθοι παραστάσεις: «Ἡλέκτρα» τοῦ Σοφοκλέους, «Ἱκέτιδες» τοῦ Αἰσχύλου καὶ «Ὄρνιθες» τοῦ Ἀριστοφάνους. Αἱ παραστάσεις θὰ δοθοῦν ὑπὸ τοῦ Ἐθνικοῦ Θεάτρου κατὰ τὸν Αὔγουστον.

Κατὰ τὸ τρέχον ἔτος θὰ δοθοῦν εἰς τὸ θέατρον Φιλίππων αἱ ἀκόλουθοι παραστάσεις: «Ἡλέκτρα» τοῦ Σοφοκλέους, «Ἱκέτιδες» τοῦ Αἰσχύλου καὶ «Ὄρνιθες» τοῦ Ἀριστοφάνους. Αἱ παραστάσεις θὰ δοθοῦν ὑπὸ τοῦ Ἐθνικοῦ Θεάτρου κατὰ τὸν Αὔγουστον.

Ἡ συμφωνικὴ ὀρχήστρα τῆς Θεσσαλονίκης θὰ δώσῃ συναυλίαν ὑπὸ τὴν διεύθυνσιν τοῦ Σόλωνος Μιχαηλίδη. Θὰ ἐκτελεσθοῦν ἔργα τοῦ Μπετόβεν καὶ τοῦ Μότσαρτ.

Ἡ Ἑταιρεία «Τέχνη» θὰ προβάλῃ εἰς τὴν αἴθουσαν της τὰς ταινίας τοῦ Μπέργκμαν. Ἡ προβολὴ θὰ ἀρχίσῃ εἰς τὰς 7.30 μ.μ.

ΑΙ ΔΙΑΛΕΞΕΙΣ

ΤΟΥ Κ. ΖΑΧΑΡΙΑΔΗ: Τὴν 7ην μ.μ. εἰς τὴν αἴθουσαν τῆς ΕΜΣ θὰ ὁμιλήσῃ ὁ κ. Ζαχαριάδης. ΤΟΥ ΠΛΕΝΤΕΡΑΚΗ: Τὴν Δευτέραν εἰς τὸ Βρετανικὸν Συμβούλιον. ΤΟΥ Κ. Χ. ΜΠΟΥΝΤΟΥΡΟΓΛΟΥ: Εἰς τὴν αἴθουσαν τοῦ Λυκείου. ΤΟΥ Κ. Δ. ΔΕΛΙΒΑΝΗ: Εἰς τὸ Ἀμερικανικὸν Κολλέγιον. ΤΟΥ ΚΑΘ. ΓΚΟΡΓΟΝ: Εἰς τὴν Φιλοσοφικὴν Σχολήν. ΤΗΣ Π. ΠΑΠΑΔΙΤΙΑΝ: Εἰς τὴν ΧΑΝΘ.

Εἰς τὴν αἴθουσαν τῆς «Ἑνώσεως Καλλιτεχνῶν» ἐγκαινιάζεται ἔκθεσις ζωγραφικῆς τοῦ κ. Ξάλτα. Ἡ ἔκθεσις θὰ παραμείνῃ ἀνοικτὴ μέχρι τῆς 5ης τοῦ μηνός.

Κατὰ τὸ τρέχον ἔτος θὰ δοθοῦν εἰς τὸ θέατρον Φιλίππων αἱ ἀκόλουθοι παραστάσεις: «Ἡλέκτρα» τοῦ Σοφοκλέους, «Ἱκέτιδες» τοῦ Αἰσχύλου καὶ «Ὄρνιθες» τοῦ Ἀριστοφάνους. Αἱ παραστάσεις θὰ δοθοῦν ὑπὸ τοῦ Ἐθνικοῦ Θεάτρου κατὰ τὸν Αὔγουστον.

ΑΙ ΣΥΝΑΥΛΙΑΙ
Τῆς συμφωνικῆς

Ἡ συμφωνικὴ ὀρχήστρα τῆς Θεσσαλονίκης θὰ δώσῃ συναυλίαν ὑπὸ τὴν διεύθυνσιν τοῦ Σόλωνος Μιχαηλίδη. Θὰ ἐκτελεσθοῦν ἔργα τοῦ Μπετόβεν καὶ τοῦ Μότσαρτ.

Κατὰ τὸ τρέχον ἔτος θὰ δοθοῦν εἰς τὸ θέατρον Φιλίππων αἱ ἀκόλουθοι παραστάσεις: «Ἡλέκτρα» τοῦ Σοφοκλέους, «Ἱκέτιδες» τοῦ Αἰσχύλου καὶ «Ὄρνιθες» τοῦ Ἀριστοφάνους. Αἱ παραστάσεις θὰ δοθοῦν ὑπὸ τοῦ Ἐθνικοῦ Θεάτρου κατὰ τὸν Αὔγουστον.

ΑΙ ΠΡΟΒΟΛΑΙ
Τῆς «Τέχνης»

Ἡ Ἑταιρεία «Τέχνη» θὰ προβάλῃ εἰς τὴν αἴθουσαν της τὰς ταινίας τοῦ Μπέργκμαν. Ἡ προβολὴ θὰ ἀρχίσῃ εἰς τὰς 7.30 μ.μ.

Ἡ συμφωνικὴ ὀρχήστρα τῆς Θεσσαλονίκης θὰ δώσῃ συναυλίαν ὑπὸ τὴν διεύθυνσιν τοῦ Σόλωνος Μιχαηλίδη. Θὰ ἐκτελεσθοῦν ἔργα τοῦ Μπετόβεν καὶ τοῦ Μότσαρτ.

ΑΙ ΕΚΘΕΣΕΙΣ
Τοῦ κ. Ξάλτα

Εἰς τὴν αἴθουσαν τῆς «Ἑνώσεως Καλλιτεχνῶν» ἐγκαινιάζεται ἔκθεσις ζωγραφικῆς τοῦ κ. Ξάλτα. Ἡ ἔκθεσις θὰ παραμείνῃ ἀνοικτὴ μέχρι τῆς 5ης τοῦ μηνός.

ΤΟΥ Κ. ΖΑΧΑΡΙΑΔΗ: Τὴν 7ην μ.μ. εἰς τὴν αἴθουσαν τῆς ΕΜΣ θὰ ὁμιλήσῃ ὁ κ. Ζαχαριάδης. ΤΟΥ ΠΛΕΝΤΕΡΑΚΗ: Τὴν Δευτέραν εἰς τὸ Βρετανικὸν Συμβούλιον. ΤΟΥ Κ. Χ. ΜΠΟΥΝΤΟΥΡΟΓΛΟΥ: Εἰς τὴν αἴθουσαν τοῦ Λυκείου. ΤΟΥ Κ. Δ. ΔΕΛΙΒΑΝΗ: Εἰς τὸ Ἀμερικανικὸν Κολλέγιον. ΤΟΥ ΚΑΘ. ΓΚΟΡΓΟΝ: Εἰς τὴν Φιλοσοφικὴν Σχολήν. ΤΗΣ Π. ΠΑΠΑΔΙΤΙΑΝ: Εἰς τὴν ΧΑΝΘ.

ΤΟ ΔΙΗΓΗΜΑ ΤΗΣ ΕΒΔΟΜΑΔΟΣ
Ηρωδικη ρουλετα

Ἦταν Τετάρτη 17 Ὀκτωβρίου. Ἡ ἐποχὴ ποὺ εἶχαν ἀνάγκη ἀπὸ κάποιον ποὺ θὰ ἐπέστρεφε ἀπὸ τὸ μέτωπο. Ὁ Χάρρυ Πίνσφορν ἀπάντησε μὲ ἀδιαφορία, ὅπως ὅλοι οἱ ἄλλοι νέοι ποὺ ἐπιστρέφουν μετὰ ἀπὸ πολλὰ χρόνια μακρυὰ ἀπὸ τὸ σπίτι τους. Ὁ πόλεμος εἶχε τελειώσει, ἀλλὰ ἡ ψυχή του δὲν εἶχε ἡσυχάσει ἀκόμη. Τὸ ρολόι ἐχτυποῦσε ἀργὰ καὶ ἡ νύχτα ἔπεφτε πάνω στὴν πόλη σὰν βαρὺ πέπλο. Περπατοῦσε στοὺς δρόμους σκεπτικός, θυμούμενος τοὺς συντρόφους του ποὺ χάθηκαν στὰ χαρακώματα. Ὅταν ἔφτασε στὸ παλιὸ καφενεῖο, βρῆκε τοὺς φίλους του νὰ παίζουν χαρτιά, σὰν νὰ μὴν εἶχε περάσει οὔτε μιὰ μέρα. Ὁ κόσμος εἶχε ἀλλάξει, μὰ αὐτοὶ ἔμεναν ἴδιοι. Κάθισε σιωπηλὸς καὶ παρακολουθοῦσε τὸ παιχνίδι. Κάποιος πρότεινε νὰ παίξουν ρουλέτα, ἕνα παιχνίδι τύχης ποὺ ἡ ζωὴ τὸν εἶχε μάθει νὰ μισῇ...

Ἦταν Τετάρτη 17 Ὀκτωβρίου. Ἡ ἐποχὴ ποὺ εἶχαν ἀνάγκη ἀπὸ κάποιον ποὺ θὰ ἐπέστρεφε ἀπὸ τὸ μέτωπο. Ὁ Χάρρυ Πίνσφορν ἀπάντησε μὲ ἀδιαφορία, ὅπως ὅλοι οἱ ἄλλοι νέοι ποὺ ἐπιστρέφουν μετὰ ἀπὸ πολλὰ χρόνια μακρυὰ ἀπὸ τὸ σπίτι τους. Ὁ πόλεμος εἶχε τελειώσει, ἀλλὰ ἡ ψυχή του δὲν εἶχε ἡσυχάσει ἀκόμη. Τὸ ρολόι ἐχτυποῦσε ἀργὰ καὶ ἡ νύχτα ἔπεφτε πάνω στὴν πόλη σὰν βαρὺ πέπλο. Περπατοῦσε στοὺς δρόμους σκεπτικός, θυμούμενος τοὺς συντρόφους του ποὺ χάθηκαν στὰ χαρακώματα. Ὅταν ἔφτασε στὸ παλιὸ καφενεῖο, βρῆκε τοὺς φίλους του νὰ παίζουν χαρτιά, σὰν νὰ μὴν εἶχε περάσει οὔτε μιὰ μέρα. Ὁ κόσμος εἶχε ἀλλάξει, μὰ αὐτοὶ ἔμεναν ἴδιοι. Κάθισε σιωπηλὸς καὶ παρακολουθοῦσε τὸ παιχνίδι. Κάποιος πρότεινε νὰ παίξουν ρουλέτα, ἕνα παιχνίδι τύχης ποὺ ἡ ζωὴ τὸν εἶχε μάθει νὰ μισῇ...

Ἦταν Τετάρτη 17 Ὀκτωβρίου. Ἡ ἐποχὴ ποὺ εἶχαν ἀνάγκη ἀπὸ κάποιον ποὺ θὰ ἐπέστρεφε ἀπὸ τὸ μέτωπο. Ὁ Χάρρυ Πίνσφορν ἀπάντησε μὲ ἀδιαφορία, ὅπως ὅλοι οἱ ἄλλοι νέοι ποὺ ἐπιστρέφουν μετὰ ἀπὸ πολλὰ χρόνια μακρυὰ ἀπὸ τὸ σπίτι τους. Ὁ πόλεμος εἶχε τελειώσει, ἀλλὰ ἡ ψυχή του δὲν εἶχε ἡσυχάσει ἀκόμη. Τὸ ρολόι ἐχτυποῦσε ἀργὰ καὶ ἡ νύχτα ἔπεφτε πάνω στὴν πόλη σὰν βαρὺ πέπλο. Περπατοῦσε στοὺς δρόμους σκεπτικός, θυμούμενος τοὺς συντρόφους του ποὺ χάθηκαν στὰ χαρακώματα. Ὅταν ἔφτασε στὸ παλιὸ καφενεῖο, βρῆκε τοὺς φίλους του νὰ παίζουν χαρτιά, σὰν νὰ μὴν εἶχε περάσει οὔτε μιὰ μέρα. Ὁ κόσμος εἶχε ἀλλάξει, μὰ αὐτοὶ ἔμεναν ἴδιοι. Κάθισε σιωπηλὸς καὶ παρακολουθοῦσε τὸ παιχνίδι. Κάποιος πρότεινε νὰ παίξουν ρουλέτα, ἕνα παιχνίδι τύχης ποὺ ἡ ζωὴ τὸν εἶχε μάθει νὰ μισῇ...

ΤΗΝ ΤΡΙΤΗΝ: Ἡ συνέχεια.
ΕΝΑ ΣΥΓΚΛΟΝΙΣΤΙΚΟ ΜΥΘΙΣΤΟΡΗΜΑ
ΠΕΡΑ ΑΠΟ ΤΟ ΟΥΡΑΝΙΟ ΤΟΞΟ
ΤΟΥ ΓΕΡΜΑΝΟΥ ΣΥΓΓΡΑΦΕΩΣ ΓΚΕΟΡΓΚ ΜΑΝ
64ον

Τώρα ὁ Μάνκλ ἔβρισκε πὼς εἶχε ἀνάγκη νὰ μιλήσῃ καὶ νὰ ἀφηγηθῇ ὅσα εἶχαν συμβῆ. Ἡ Ροζαλία τὸν κοίταζε μὲ μάτια γεμάτα ἀπορία. — Δὲν μπορῶ νὰ καταλάβω τίποτα, εἶπε. Ἐσὺ ὁ ἴδιος τὰ ἔβλεπες ὅλα; — Ναί, ἀπάντησε ἐκεῖνος. Ἤμουν ἐκεῖ ὅταν ἔγιναν. Ἡ νύχτα ἦταν σκοτεινὴ καὶ τὰ βήματα ἀκούγονταν βαριὰ στὸν διάδρομο. Κάποιος ἄνοιξε τὴν πόρτα καὶ μπῆκε χωρὶς νὰ χτυπήσῃ. Ἦταν ὁ γέρος ὑπηρέτης τῆς οἰκογένειας, ποὺ κρατοῦσε ἕνα κερὶ ἀναμμένο στὸ χέρι του. Τὸ πρόσωπό του ἦταν χλωμὸ καὶ τὰ χέρια του ἔτρεμαν. — Ἔλα γρήγορα, μοῦ εἶπε. Ὁ κύριος σὲ ζητάει.

Τὰ μάτια της ἔλαμπαν ἀπὸ ἐνθουσιασμό. — Πρέπει νὰ φύγουμε ἀπόψε, ψιθύρισε. Δὲν ὑπάρχει ἄλλος δρόμος. Ὁ Μάνκλ σηκώθηκε ἀργὰ καὶ πλησίασε στὸ παράθυρο. Ἔξω ἡ βροχὴ ἔπεφτε ἀσταμάτητα καὶ ὁ ἄνεμος σφύριζε μέσα ἀπὸ τὰ κλαδιὰ τῶν δέντρων. — Καὶ ποῦ θὰ πᾶμε; ρώτησε. Κανεὶς δὲν θὰ μᾶς δεχθῇ. — Θὰ βροῦμε ἕνα μέρος, εἶπε ἐκείνη. Πέρα ἀπὸ τὰ βουνά, πέρα ἀπὸ τὸ οὐράνιο τόξο, ἐκεῖ ποὺ κανεὶς δὲν θὰ μᾶς ψάξῃ. Ἡ καρδιά του χτυποῦσε δυνατά. Ἤξερε ὅτι εἶχε δίκιο, μὰ φοβόταν.

διαλλάγηκε ἐγθρικοὶ, καὶ ἡ Μαρλέν ὄψη τῆς ζωῆς παρακαλούμενοι τὸν παλαιὸ ἄρχοντα. Ἡ κατάσταση ἦταν δύσκολη. Ὅλοι περίμεναν μιὰ ἀπόφαση ποὺ θὰ ἄλλαζε τὰ πάντα. Ὁ Σάιμπελ ἐμφανίστηκε ξαφνικὰ στὴν πόρτα. — Κανεὶς δὲν θὰ φύγῃ ἀπὸ ἐδῶ, εἶπε μὲ αὐστηρὴ φωνή. Ὁ πατέρας σας μοῦ ἔδωσε ἐντολή. Ἡ Ροζαλία τὸν κοίταξε μὲ θυμό. — Δὲν ἔχετε κανένα δικαίωμα, φώναξε. Ἐμεῖς ἀποφασίζουμε γιὰ τὴ ζωή μας. Ἡ σιωπὴ ποὺ ἀκολούθησε ἦταν βαριά.

Τὰ μάτια της ἔλαμπαν ἀπὸ ἐνθουσιασμό. — Πρέπει νὰ φύγουμε ἀπόψε, ψιθύρισε. Δὲν ὑπάρχει ἄλλος δρόμος. Ὁ Μάνκλ σηκώθηκε ἀργὰ καὶ πλησίασε στὸ παράθυρο. Ἔξω ἡ βροχὴ ἔπεφτε ἀσταμάτητα καὶ ὁ ἄνεμος σφύριζε μέσα ἀπὸ τὰ κλαδιὰ τῶν δέντρων. — Καὶ ποῦ θὰ πᾶμε; ρώτησε. Κανεὶς δὲν θὰ μᾶς δεχθῇ. — Θὰ βροῦμε ἕνα μέρος, εἶπε ἐκείνη. Πέρα ἀπὸ τὰ βουνά, πέρα ἀπὸ τὸ οὐράνιο τόξο, ἐκεῖ ποὺ κανεὶς δὲν θὰ μᾶς ψάξῃ. Ἡ καρδιά του χτυποῦσε δυνατά. Ἤξερε ὅτι εἶχε δίκιο, μὰ φοβόταν.

διαλλάγηκε ἐγθρικοὶ, καὶ ἡ Μαρλέν ὄψη τῆς ζωῆς παρακαλούμενοι τὸν παλαιὸ ἄρχοντα. Ἡ κατάσταση ἦταν δύσκολη. Ὅλοι περίμεναν μιὰ ἀπόφαση ποὺ θὰ ἄλλαζε τὰ πάντα. Ὁ Σάιμπελ ἐμφανίστηκε ξαφνικὰ στὴν πόρτα. — Κανεὶς δὲν θὰ φύγῃ ἀπὸ ἐδῶ, εἶπε μὲ αὐστηρὴ φωνή. Ὁ πατέρας σας μοῦ ἔδωσε ἐντολή. Ἡ Ροζαλία τὸν κοίταξε μὲ θυμό. — Δὲν ἔχετε κανένα δικαίωμα, φώναξε. Ἐμεῖς ἀποφασίζουμε γιὰ τὴ ζωή μας. Ἡ σιωπὴ ποὺ ἀκολούθησε ἦταν βαριά.

ἐνοχλητικὸν πρᾶγμα. Ἡ Μαρλὲν δὲν ἄκουγε. Κάθισε στὴν καρέκλα της, σκεπτική, καὶ ἄρχισε νὰ γράφῃ ἕνα γράμμα. Τὰ λόγια ἔβγαιναν δύσκολα. «Ἀγαπητέ μου, ἔγραφε, ὅταν θὰ διαβάσῃς αὐτὸ τὸ γράμμα, ἐγὼ θὰ βρίσκομαι μακριά. Μὴ μὲ ψάξῃς. Ἔπρεπε νὰ τὸ κάνω. Ἡ ζωὴ ἐδῶ εἶχε γίνει ἀνυπόφορη.» Σταμάτησε καὶ κοίταξε τὸ φῶς τοῦ κεριοῦ. Θυμήθηκε τὶς μέρες τῆς παιδικῆς της ἡλικίας, τότε ποὺ ὅλα ἦταν ἁπλά.

Τώρα ὁ Μάνκλ ἔβρισκε πὼς εἶχε ἀνάγκη νὰ μιλήσῃ καὶ νὰ ἀφηγηθῇ ὅσα εἶχαν συμβῆ. Ἡ Ροζαλία τὸν κοίταζε μὲ μάτια γεμάτα ἀπορία. — Δὲν μπορῶ νὰ καταλάβω τίποτα, εἶπε. Ἐσὺ ὁ ἴδιος τὰ ἔβλεπες ὅλα; — Ναί, ἀπάντησε ἐκεῖνος. Ἤμουν ἐκεῖ ὅταν ἔγιναν. Ἡ νύχτα ἦταν σκοτεινὴ καὶ τὰ βήματα ἀκούγονταν βαριὰ στὸν διάδρομο. Κάποιος ἄνοιξε τὴν πόρτα καὶ μπῆκε χωρὶς νὰ χτυπήσῃ. Ἦταν ὁ γέρος ὑπηρέτης τῆς οἰκογένειας, ποὺ κρατοῦσε ἕνα κερὶ ἀναμμένο στὸ χέρι του. Τὸ πρόσωπό του ἦταν χλωμὸ καὶ τὰ χέρια του ἔτρεμαν. — Ἔλα γρήγορα, μοῦ εἶπε. Ὁ κύριος σὲ ζητάει.

διαλλάγηκε ἐγθρικοὶ, καὶ ἡ Μαρλέν ὄψη τῆς ζωῆς παρακαλούμενοι τὸν παλαιὸ ἄρχοντα. Ἡ κατάσταση ἦταν δύσκολη. Ὅλοι περίμεναν μιὰ ἀπόφαση ποὺ θὰ ἄλλαζε τὰ πάντα. Ὁ Σάιμπελ ἐμφανίστηκε ξαφνικὰ στὴν πόρτα. — Κανεὶς δὲν θὰ φύγῃ ἀπὸ ἐδῶ, εἶπε μὲ αὐστηρὴ φωνή. Ὁ πατέρας σας μοῦ ἔδωσε ἐντολή. Ἡ Ροζαλία τὸν κοίταξε μὲ θυμό. — Δὲν ἔχετε κανένα δικαίωμα, φώναξε. Ἐμεῖς ἀποφασίζουμε γιὰ τὴ ζωή μας. Ἡ σιωπὴ ποὺ ἀκολούθησε ἦταν βαριά.

ἐνοχλητικὸν πρᾶγμα. Ἡ Μαρλὲν δὲν ἄκουγε. Κάθισε στὴν καρέκλα της, σκεπτική, καὶ ἄρχισε νὰ γράφῃ ἕνα γράμμα. Τὰ λόγια ἔβγαιναν δύσκολα. «Ἀγαπητέ μου, ἔγραφε, ὅταν θὰ διαβάσῃς αὐτὸ τὸ γράμμα, ἐγὼ θὰ βρίσκομαι μακριά. Μὴ μὲ ψάξῃς. Ἔπρεπε νὰ τὸ κάνω. Ἡ ζωὴ ἐδῶ εἶχε γίνει ἀνυπόφορη.» Σταμάτησε καὶ κοίταξε τὸ φῶς τοῦ κεριοῦ. Θυμήθηκε τὶς μέρες τῆς παιδικῆς της ἡλικίας, τότε ποὺ ὅλα ἦταν ἁπλά.

Τώρα ὁ Μάνκλ ἔβρισκε πὼς εἶχε ἀνάγκη νὰ μιλήσῃ καὶ νὰ ἀφηγηθῇ ὅσα εἶχαν συμβῆ. Ἡ Ροζαλία τὸν κοίταζε μὲ μάτια γεμάτα ἀπορία. — Δὲν μπορῶ νὰ καταλάβω τίποτα, εἶπε. Ἐσὺ ὁ ἴδιος τὰ ἔβλεπες ὅλα; — Ναί, ἀπάντησε ἐκεῖνος. Ἤμουν ἐκεῖ ὅταν ἔγιναν. Ἡ νύχτα ἦταν σκοτεινὴ καὶ τὰ βήματα ἀκούγονταν βαριὰ στὸν διάδρομο. Κάποιος ἄνοιξε τὴν πόρτα καὶ μπῆκε χωρὶς νὰ χτυπήσῃ. Ἦταν ὁ γέρος ὑπηρέτης τῆς οἰκογένειας, ποὺ κρατοῦσε ἕνα κερὶ ἀναμμένο στὸ χέρι του. Τὸ πρόσωπό του ἦταν χλωμὸ καὶ τὰ χέρια του ἔτρεμαν. — Ἔλα γρήγορα, μοῦ εἶπε. Ὁ κύριος σὲ ζητάει.

Τὰ μάτια της ἔλαμπαν ἀπὸ ἐνθουσιασμό. — Πρέπει νὰ φύγουμε ἀπόψε, ψιθύρισε. Δὲν ὑπάρχει ἄλλος δρόμος. Ὁ Μάνκλ σηκώθηκε ἀργὰ καὶ πλησίασε στὸ παράθυρο. Ἔξω ἡ βροχὴ ἔπεφτε ἀσταμάτητα καὶ ὁ ἄνεμος σφύριζε μέσα ἀπὸ τὰ κλαδιὰ τῶν δέντρων. — Καὶ ποῦ θὰ πᾶμε; ρώτησε. Κανεὶς δὲν θὰ μᾶς δεχθῇ. — Θὰ βροῦμε ἕνα μέρος, εἶπε ἐκείνη. Πέρα ἀπὸ τὰ βουνά, πέρα ἀπὸ τὸ οὐράνιο τόξο, ἐκεῖ ποὺ κανεὶς δὲν θὰ μᾶς ψάξῃ. Ἡ καρδιά του χτυποῦσε δυνατά. Ἤξερε ὅτι εἶχε δίκιο, μὰ φοβόταν.

ἐνοχλητικὸν πρᾶγμα. Ἡ Μαρλὲν δὲν ἄκουγε. Κάθισε στὴν καρέκλα της, σκεπτική, καὶ ἄρχισε νὰ γράφῃ ἕνα γράμμα. Τὰ λόγια ἔβγαιναν δύσκολα. «Ἀγαπητέ μου, ἔγραφε, ὅταν θὰ διαβάσῃς αὐτὸ τὸ γράμμα, ἐγὼ θὰ βρίσκομαι μακριά. Μὴ μὲ ψάξῃς. Ἔπρεπε νὰ τὸ κάνω. Ἡ ζωὴ ἐδῶ εἶχε γίνει ἀνυπόφορη.» Σταμάτησε καὶ κοίταξε τὸ φῶς τοῦ κεριοῦ. Θυμήθηκε τὶς μέρες τῆς παιδικῆς της ἡλικίας, τότε ποὺ ὅλα ἦταν ἁπλά.

Τώρα ὁ Μάνκλ ἔβρισκε πὼς εἶχε ἀνάγκη νὰ μιλήσῃ καὶ νὰ ἀφηγηθῇ ὅσα εἶχαν συμβῆ. Ἡ Ροζαλία τὸν κοίταζε μὲ μάτια γεμάτα ἀπορία. — Δὲν μπορῶ νὰ καταλάβω τίποτα, εἶπε. Ἐσὺ ὁ ἴδιος τὰ ἔβλεπες ὅλα; — Ναί, ἀπάντησε ἐκεῖνος. Ἤμουν ἐκεῖ ὅταν ἔγιναν. Ἡ νύχτα ἦταν σκοτεινὴ καὶ τὰ βήματα ἀκούγονταν βαριὰ στὸν διάδρομο. Κάποιος ἄνοιξε τὴν πόρτα καὶ μπῆκε χωρὶς νὰ χτυπήσῃ. Ἦταν ὁ γέρος ὑπηρέτης τῆς οἰκογένειας, ποὺ κρατοῦσε ἕνα κερὶ ἀναμμένο στὸ χέρι του. Τὸ πρόσωπό του ἦταν χλωμὸ καὶ τὰ χέρια του ἔτρεμαν. — Ἔλα γρήγορα, μοῦ εἶπε. Ὁ κύριος σὲ ζητάει.

Τὰ μάτια της ἔλαμπαν ἀπὸ ἐνθουσιασμό. — Πρέπει νὰ φύγουμε ἀπόψε, ψιθύρισε. Δὲν ὑπάρχει ἄλλος δρόμος. Ὁ Μάνκλ σηκώθηκε ἀργὰ καὶ πλησίασε στὸ παράθυρο. Ἔξω ἡ βροχὴ ἔπεφτε ἀσταμάτητα καὶ ὁ ἄνεμος σφύριζε μέσα ἀπὸ τὰ κλαδιὰ τῶν δέντρων. — Καὶ ποῦ θὰ πᾶμε; ρώτησε. Κανεὶς δὲν θὰ μᾶς δεχθῇ. — Θὰ βροῦμε ἕνα μέρος, εἶπε ἐκείνη. Πέρα ἀπὸ τὰ βουνά, πέρα ἀπὸ τὸ οὐράνιο τόξο, ἐκεῖ ποὺ κανεὶς δὲν θὰ μᾶς ψάξῃ. Ἡ καρδιά του χτυποῦσε δυνατά. Ἤξερε ὅτι εἶχε δίκιο, μὰ φοβόταν.

διαλλάγηκε ἐγθρικοὶ, καὶ ἡ Μαρλέν ὄψη τῆς ζωῆς παρακαλούμενοι τὸν παλαιὸ ἄρχοντα. Ἡ κατάσταση ἦταν δύσκολη. Ὅλοι περίμεναν μιὰ ἀπόφαση ποὺ θὰ ἄλλαζε τὰ πάντα. Ὁ Σάιμπελ ἐμφανίστηκε ξαφνικὰ στὴν πόρτα. — Κανεὶς δὲν θὰ φύγῃ ἀπὸ ἐδῶ, εἶπε μὲ αὐστηρὴ φωνή. Ὁ πατέρας σας μοῦ ἔδωσε ἐντολή. Ἡ Ροζαλία τὸν κοίταξε μὲ θυμό. — Δὲν ἔχετε κανένα δικαίωμα, φώναξε. Ἐμεῖς ἀποφασίζουμε γιὰ τὴ ζωή μας. Ἡ σιωπὴ ποὺ ἀκολούθησε ἦταν βαριά.

ΤΗΝ ΤΡΙΤΗΝ: Ἡ συνέχεια.
